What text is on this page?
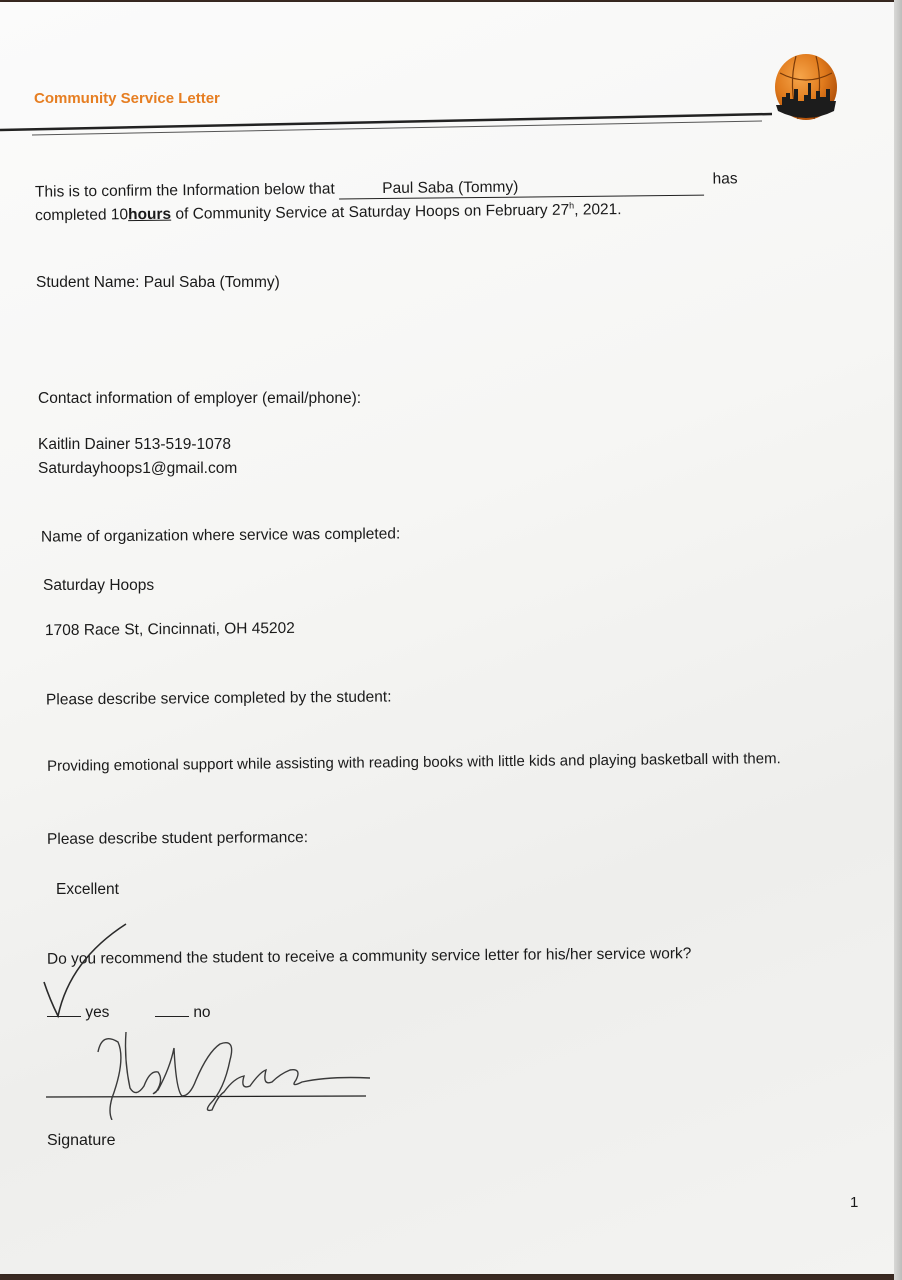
Community Service Letter
This is to confirm the Information below that	Paul Saba (Tommy)	has
completed 10hours of Community Service at Saturday Hoops on February 27$^h$, 2021.
Student Name: Paul Saba (Tommy)
Contact information of employer (email/phone):
Kaitlin Dainer 513-519-1078
Saturdayhoops1@gmail.com
Name of organization where service was completed:
Saturday Hoops
1708 Race St, Cincinnati, OH 45202
Please describe service completed by the student:
Providing emotional support while assisting with reading books with little kids and playing basketball with them.
Please describe student performance:
Excellent
Do you recommend the student to receive a community service letter for his/her service work?
yes	no
Signature
1
